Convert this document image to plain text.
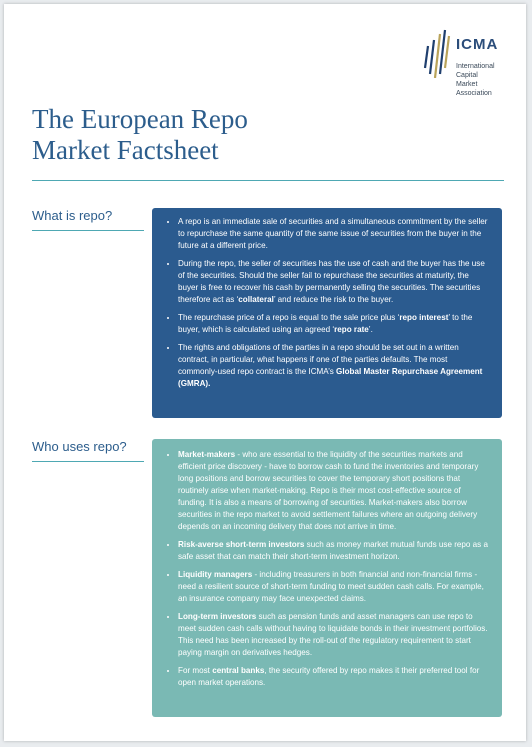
ICMA
International
Capital
Market
Association
The European Repo
Market Factsheet
What is repo?
•	A repo is an immediate sale of securities and a simultaneous commitment by the seller to repurchase the same quantity of the same issue of securities from the buyer in the future at a different price.
• During the repo, the seller of securities has the use of cash and the buyer has the use of the securities. Should the seller fail to repurchase the securities at maturity, the buyer is free to recover his cash by permanently selling the securities. The securities therefore act as ‘collateral’ and reduce the risk to the buyer.
• The repurchase price of a repo is equal to the sale price plus ‘repo interest’ to the buyer, which is calculated using an agreed ‘repo rate’.
• The rights and obligations of the parties in a repo should be set out in a written contract, in particular, what happens if one of the parties defaults. The most commonly-used repo contract is the ICMA’s Global Master Repurchase Agreement (GMRA).
Who uses repo?
• Market-makers - who are essential to the liquidity of the securities markets and efficient price discovery - have to borrow cash to fund the inventories and temporary long positions and borrow securities to cover the temporary short positions that routinely arise when market-making. Repo is their most cost-effective source of funding. It is also a means of borrowing of securities. Market-makers also borrow securities in the repo market to avoid settlement failures where an outgoing delivery depends on an incoming delivery that does not arrive in time.
• Risk-averse short-term investors such as money market mutual funds use repo as a safe asset that can match their short-term investment horizon.
• Liquidity managers - including treasurers in both financial and non-financial firms - need a resilient source of short-term funding to meet sudden cash calls. For example, an insurance company may face unexpected claims.
• Long-term investors such as pension funds and asset managers can use repo to meet sudden cash calls without having to liquidate bonds in their investment portfolios. This need has been increased by the roll-out of the regulatory requirement to start paying margin on derivatives hedges.
• For most central banks, the security offered by repo makes it their preferred tool for open market operations.
